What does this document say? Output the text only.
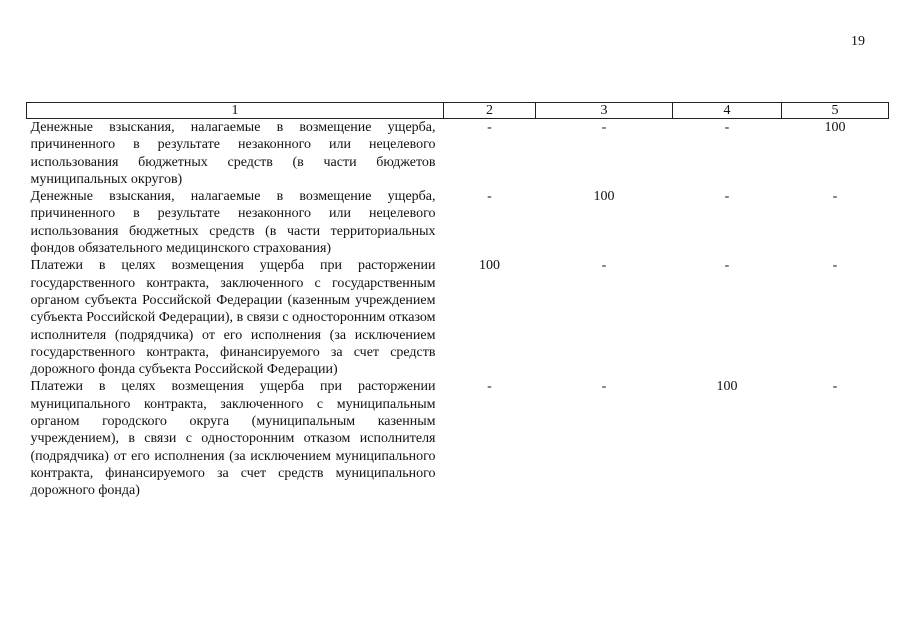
19
1	2	3	4	5
Денежные взыскания, налагаемые в возмещение ущерба, причиненного в результате незаконного или нецелевого использования бюджетных средств (в части бюджетов муниципальных округов)	-	-	-	100
Денежные взыскания, налагаемые в возмещение ущерба, причиненного в результате незаконного или нецелевого использования бюджетных средств (в части территориальных фондов обязательного медицинского страхования)	-	100	-	-
Платежи в целях возмещения ущерба при расторжении государственного контракта, заключенного с государственным органом субъекта Российской Федерации (казенным учреждением субъекта Российской Федерации), в связи с односторонним отказом исполнителя (подрядчика) от его исполнения (за исключением государственного контракта, финансируемого за счет средств дорожного фонда субъекта Российской Федерации)	100	-	-	-
Платежи в целях возмещения ущерба при расторжении муниципального контракта, заключенного с муниципальным органом городского округа (муниципальным казенным учреждением), в связи с односторонним отказом исполнителя (подрядчика) от его исполнения (за исключением муниципального контракта, финансируемого за счет средств муниципального дорожного фонда)	-	-	100	-
